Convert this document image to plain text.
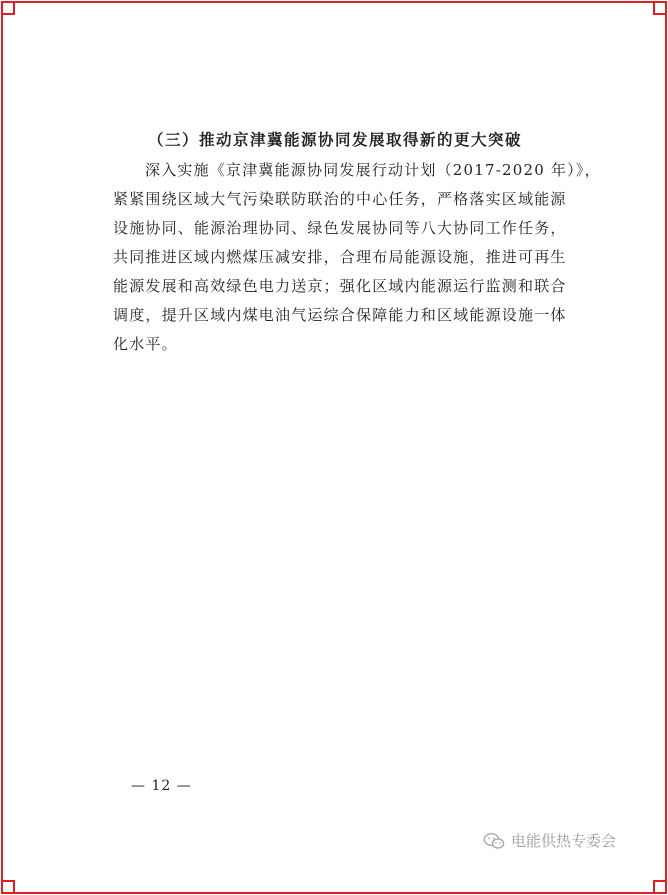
（三）推动京津冀能源协同发展取得新的更大突破
深入实施《京津冀能源协同发展行动计划（2017-2020 年）》，
紧紧围绕区域大气污染联防联治的中心任务，严格落实区域能源
设施协同、能源治理协同、绿色发展协同等八大协同工作任务，
共同推进区域内燃煤压减安排，合理布局能源设施，推进可再生
能源发展和高效绿色电力送京；强化区域内能源运行监测和联合
调度，提升区域内煤电油气运综合保障能力和区域能源设施一体
化水平。
— 12 —
电能供热专委会
